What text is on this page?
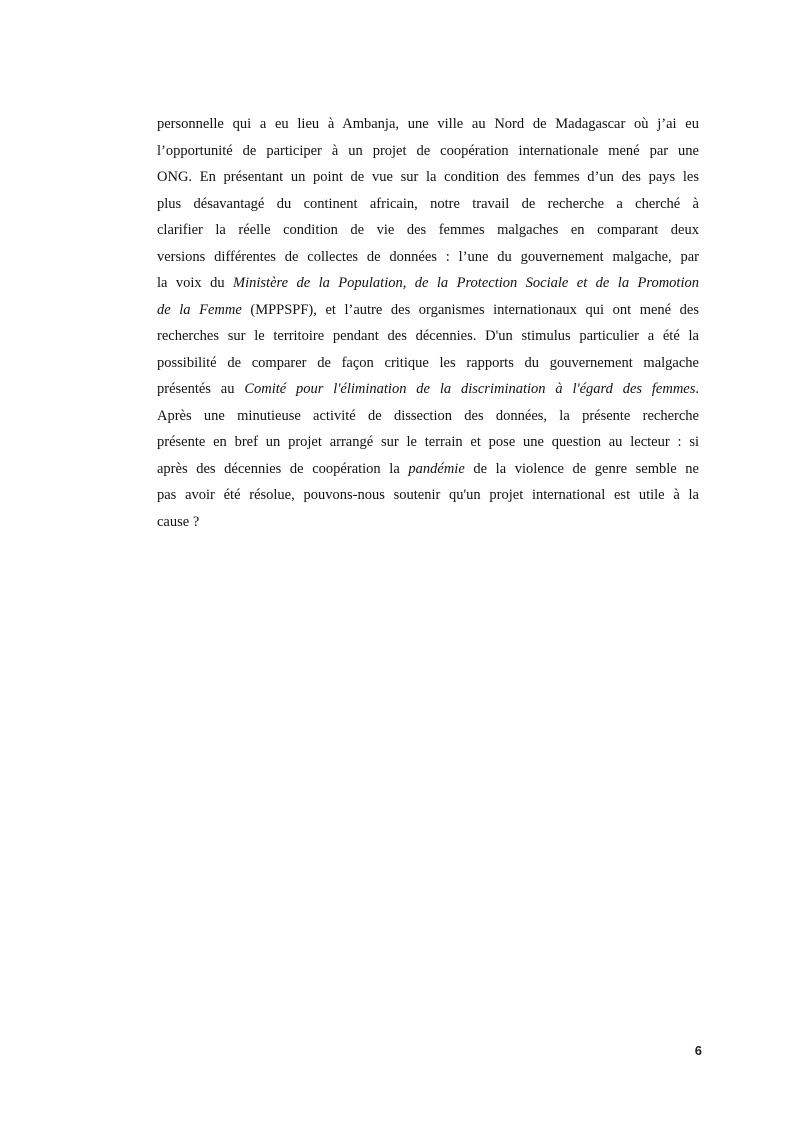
personnelle qui a eu lieu à Ambanja, une ville au Nord de Madagascar où j’ai eu
l’opportunité de participer à un projet de coopération internationale mené par une
ONG. En présentant un point de vue sur la condition des femmes d’un des pays les
plus désavantagé du continent africain, notre travail de recherche a cherché à
clarifier la réelle condition de vie des femmes malgaches en comparant deux
versions différentes de collectes de données : l’une du gouvernement malgache, par
la voix du Ministère de la Population, de la Protection Sociale et de la Promotion
de la Femme (MPPSPF), et l’autre des organismes internationaux qui ont mené des
recherches sur le territoire pendant des décennies. D'un stimulus particulier a été la
possibilité de comparer de façon critique les rapports du gouvernement malgache
présentés au Comité pour l'élimination de la discrimination à l'égard des femmes.
Après une minutieuse activité de dissection des données, la présente recherche
présente en bref un projet arrangé sur le terrain et pose une question au lecteur : si
après des décennies de coopération la pandémie de la violence de genre semble ne
pas avoir été résolue, pouvons-nous soutenir qu'un projet international est utile à la
cause ?
6
